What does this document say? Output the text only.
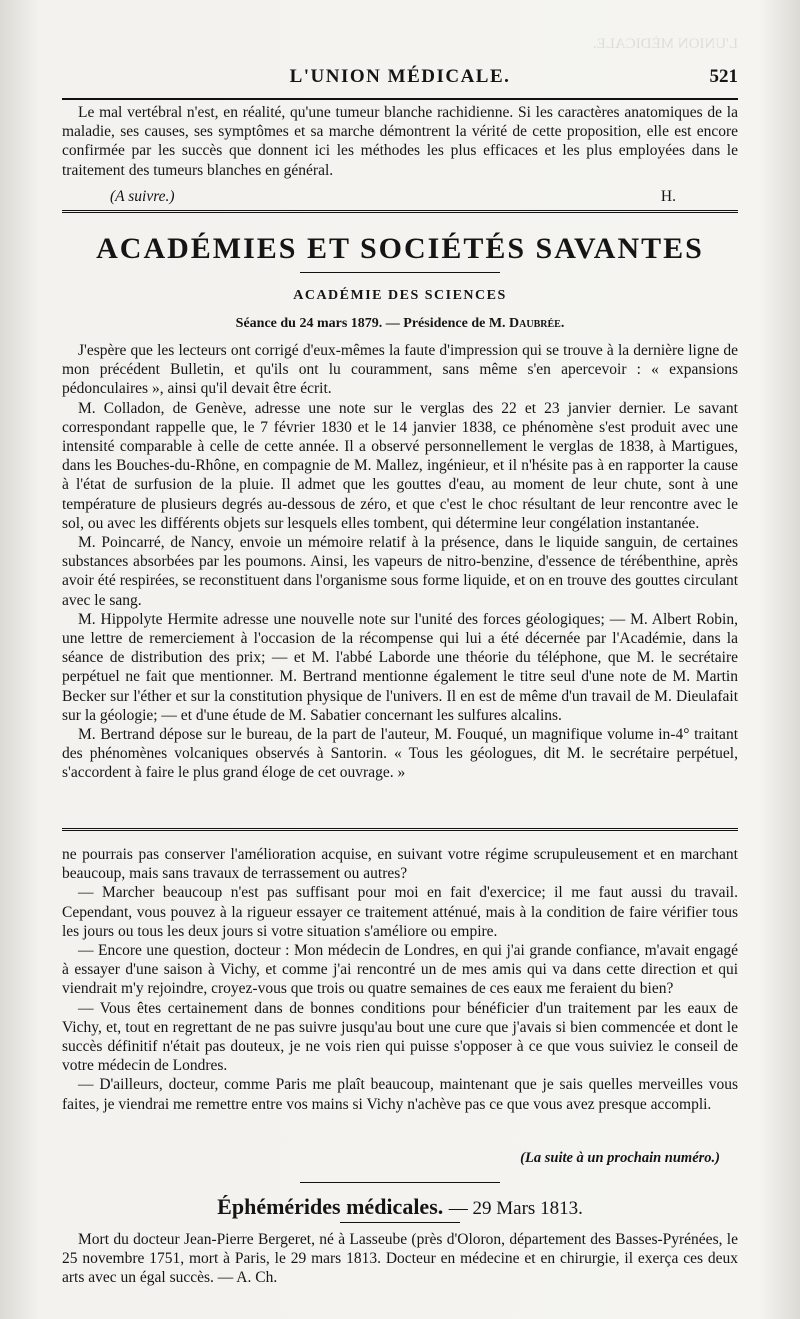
L'UNION MÉDICALE.
L'UNION MÉDICALE.	521

Le mal vertébral n'est, en réalité, qu'une tumeur blanche rachidienne. Si les caractères anatomiques de la maladie, ses causes, ses symptômes et sa marche démontrent la vérité de cette proposition, elle est encore confirmée par les succès que donnent ici les méthodes les plus efficaces et les plus employées dans le traitement des tumeurs blanches en général.

(A suivre.)	H.
ACADÉMIES ET SOCIÉTÉS SAVANTES
ACADÉMIE DES SCIENCES
Séance du 24 mars 1879. — Présidence de M. Daubrée.

J'espère que les lecteurs ont corrigé d'eux-mêmes la faute d'impression qui se trouve à la dernière ligne de mon précédent Bulletin, et qu'ils ont lu couramment, sans même s'en apercevoir : « expansions pédonculaires », ainsi qu'il devait être écrit.

M. Colladon, de Genève, adresse une note sur le verglas des 22 et 23 janvier dernier. Le savant correspondant rappelle que, le 7 février 1830 et le 14 janvier 1838, ce phénomène s'est produit avec une intensité comparable à celle de cette année. Il a observé personnellement le verglas de 1838, à Martigues, dans les Bouches-du-Rhône, en compagnie de M. Mallez, ingénieur, et il n'hésite pas à en rapporter la cause à l'état de surfusion de la pluie. Il admet que les gouttes d'eau, au moment de leur chute, sont à une température de plusieurs degrés au-dessous de zéro, et que c'est le choc résultant de leur rencontre avec le sol, ou avec les différents objets sur lesquels elles tombent, qui détermine leur congélation instantanée.

M. Poincarré, de Nancy, envoie un mémoire relatif à la présence, dans le liquide sanguin, de certaines substances absorbées par les poumons. Ainsi, les vapeurs de nitro-benzine, d'essence de térébenthine, après avoir été respirées, se reconstituent dans l'organisme sous forme liquide, et on en trouve des gouttes circulant avec le sang.

M. Hippolyte Hermite adresse une nouvelle note sur l'unité des forces géologiques; — M. Albert Robin, une lettre de remerciement à l'occasion de la récompense qui lui a été décernée par l'Académie, dans la séance de distribution des prix; — et M. l'abbé Laborde une théorie du téléphone, que M. le secrétaire perpétuel ne fait que mentionner. M. Bertrand mentionne également le titre seul d'une note de M. Martin Becker sur l'éther et sur la constitution physique de l'univers. Il en est de même d'un travail de M. Dieulafait sur la géologie; — et d'une étude de M. Sabatier concernant les sulfures alcalins.

M. Bertrand dépose sur le bureau, de la part de l'auteur, M. Fouqué, un magnifique volume in-4° traitant des phénomènes volcaniques observés à Santorin. « Tous les géologues, dit M. le secrétaire perpétuel, s'accordent à faire le plus grand éloge de cet ouvrage. »

ne pourrais pas conserver l'amélioration acquise, en suivant votre régime scrupuleusement et en marchant beaucoup, mais sans travaux de terrassement ou autres?

— Marcher beaucoup n'est pas suffisant pour moi en fait d'exercice; il me faut aussi du travail. Cependant, vous pouvez à la rigueur essayer ce traitement atténué, mais à la condition de faire vérifier tous les jours ou tous les deux jours si votre situation s'améliore ou empire.

— Encore une question, docteur : Mon médecin de Londres, en qui j'ai grande confiance, m'avait engagé à essayer d'une saison à Vichy, et comme j'ai rencontré un de mes amis qui va dans cette direction et qui viendrait m'y rejoindre, croyez-vous que trois ou quatre semaines de ces eaux me feraient du bien?

— Vous êtes certainement dans de bonnes conditions pour bénéficier d'un traitement par les eaux de Vichy, et, tout en regrettant de ne pas suivre jusqu'au bout une cure que j'avais si bien commencée et dont le succès définitif n'était pas douteux, je ne vois rien qui puisse s'opposer à ce que vous suiviez le conseil de votre médecin de Londres.

— D'ailleurs, docteur, comme Paris me plaît beaucoup, maintenant que je sais quelles merveilles vous faites, je viendrai me remettre entre vos mains si Vichy n'achève pas ce que vous avez presque accompli.

(La suite à un prochain numéro.)
Éphémérides médicales. — 29 Mars 1813.

Mort du docteur Jean-Pierre Bergeret, né à Lasseube (près d'Oloron, département des Basses-Pyrénées, le 25 novembre 1751, mort à Paris, le 29 mars 1813. Docteur en médecine et en chirurgie, il exerça ces deux arts avec un égal succès. — A. Ch.
